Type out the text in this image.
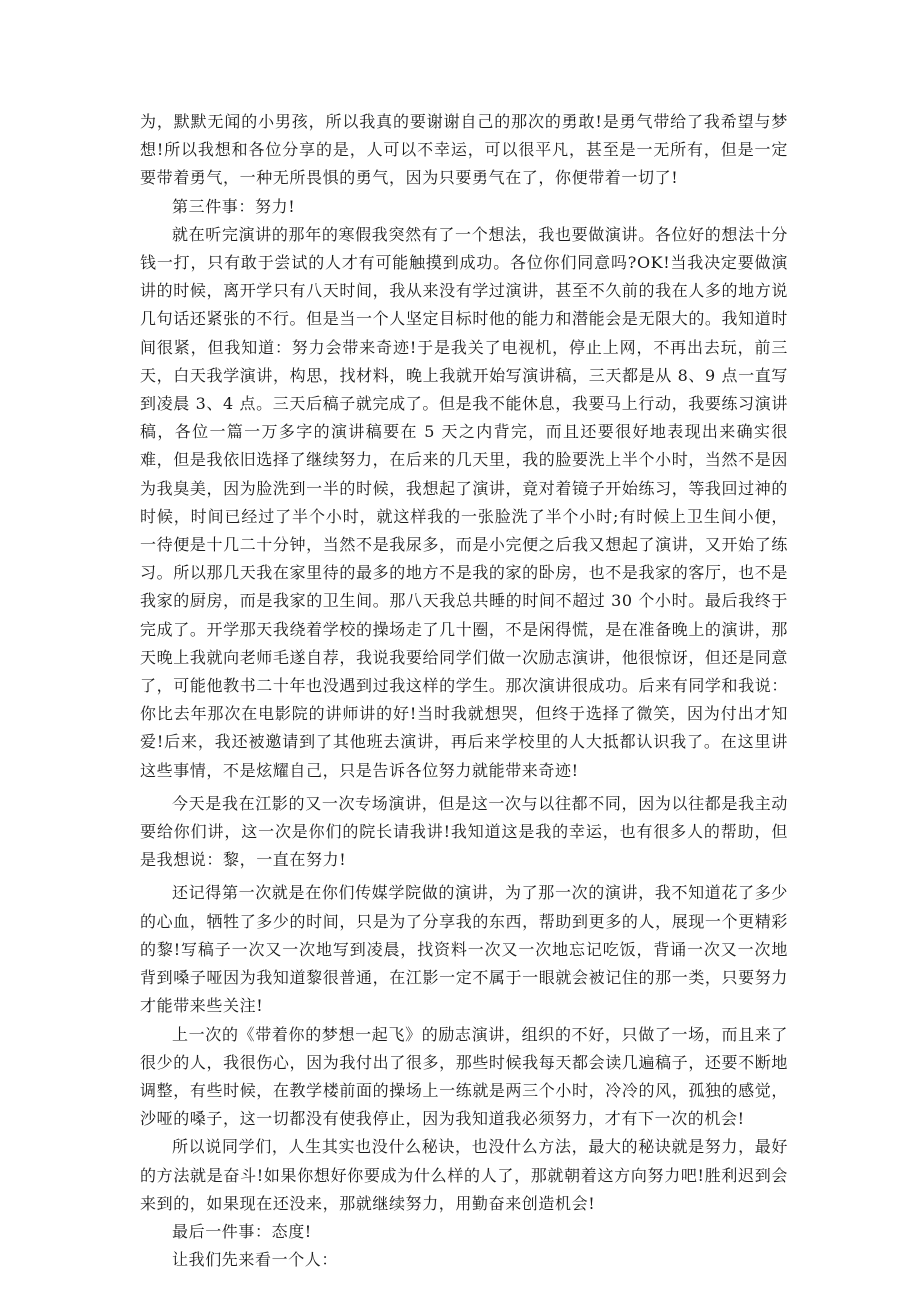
为，默默无闻的小男孩，所以我真的要谢谢自己的那次的勇敢!是勇气带给了我希望与梦想!所以我想和各位分享的是，人可以不幸运，可以很平凡，甚至是一无所有，但是一定要带着勇气，一种无所畏惧的勇气，因为只要勇气在了，你便带着一切了!

第三件事：努力!

就在听完演讲的那年的寒假我突然有了一个想法，我也要做演讲。各位好的想法十分钱一打，只有敢于尝试的人才有可能触摸到成功。各位你们同意吗?OK!当我决定要做演讲的时候，离开学只有八天时间，我从来没有学过演讲，甚至不久前的我在人多的地方说几句话还紧张的不行。但是当一个人坚定目标时他的能力和潜能会是无限大的。我知道时间很紧，但我知道：努力会带来奇迹!于是我关了电视机，停止上网，不再出去玩，前三天，白天我学演讲，构思，找材料，晚上我就开始写演讲稿，三天都是从 8、9 点一直写到凌晨 3、4 点。三天后稿子就完成了。但是我不能休息，我要马上行动，我要练习演讲稿，各位一篇一万多字的演讲稿要在 5 天之内背完，而且还要很好地表现出来确实很难，但是我依旧选择了继续努力，在后来的几天里，我的脸要洗上半个小时，当然不是因为我臭美，因为脸洗到一半的时候，我想起了演讲，竟对着镜子开始练习，等我回过神的时候，时间已经过了半个小时，就这样我的一张脸洗了半个小时;有时候上卫生间小便，一待便是十几二十分钟，当然不是我尿多，而是小完便之后我又想起了演讲，又开始了练习。所以那几天我在家里待的最多的地方不是我的家的卧房，也不是我家的客厅，也不是我家的厨房，而是我家的卫生间。那八天我总共睡的时间不超过 30 个小时。最后我终于完成了。开学那天我绕着学校的操场走了几十圈，不是闲得慌，是在准备晚上的演讲，那天晚上我就向老师毛遂自荐，我说我要给同学们做一次励志演讲，他很惊讶，但还是同意了，可能他教书二十年也没遇到过我这样的学生。那次演讲很成功。后来有同学和我说：你比去年那次在电影院的讲师讲的好!当时我就想哭，但终于选择了微笑，因为付出才知爱!后来，我还被邀请到了其他班去演讲，再后来学校里的人大抵都认识我了。在这里讲这些事情，不是炫耀自己，只是告诉各位努力就能带来奇迹!

今天是我在江影的又一次专场演讲，但是这一次与以往都不同，因为以往都是我主动要给你们讲，这一次是你们的院长请我讲!我知道这是我的幸运，也有很多人的帮助，但是我想说：黎，一直在努力!

还记得第一次就是在你们传媒学院做的演讲，为了那一次的演讲，我不知道花了多少的心血，牺牲了多少的时间，只是为了分享我的东西，帮助到更多的人，展现一个更精彩的黎!写稿子一次又一次地写到凌晨，找资料一次又一次地忘记吃饭，背诵一次又一次地背到嗓子哑因为我知道黎很普通，在江影一定不属于一眼就会被记住的那一类，只要努力才能带来些关注!

上一次的《带着你的梦想一起飞》的励志演讲，组织的不好，只做了一场，而且来了很少的人，我很伤心，因为我付出了很多，那些时候我每天都会读几遍稿子，还要不断地调整，有些时候，在教学楼前面的操场上一练就是两三个小时，冷冷的风，孤独的感觉，沙哑的嗓子，这一切都没有使我停止，因为我知道我必须努力，才有下一次的机会!

所以说同学们，人生其实也没什么秘诀，也没什么方法，最大的秘诀就是努力，最好的方法就是奋斗!如果你想好你要成为什么样的人了，那就朝着这方向努力吧!胜利迟到会来到的，如果现在还没来，那就继续努力，用勤奋来创造机会!

最后一件事：态度!

让我们先来看一个人：
